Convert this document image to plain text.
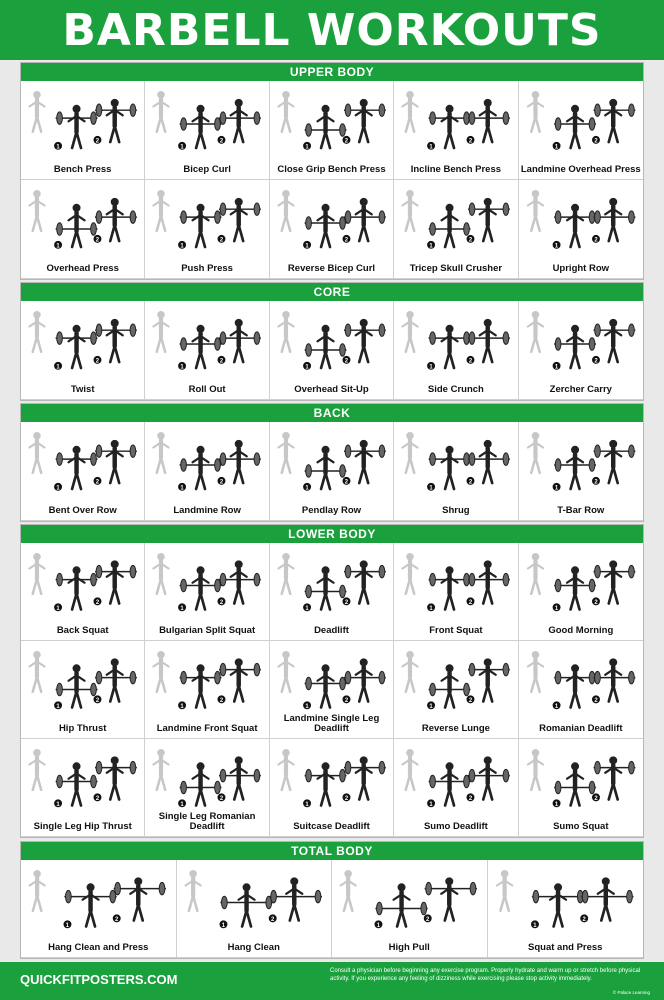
BARBELL WORKOUTS
UPPER BODY
1
2
Bench Press
1
2
Bicep Curl
1
2
Close Grip Bench Press
1
2
Incline Bench Press
1
2
Landmine Overhead Press
1
2
Overhead Press
1
2
Push Press
1
2
Reverse Bicep Curl
1
2
Tricep Skull Crusher
1
2
Upright Row
CORE
1
2
Twist
1
2
Roll Out
1
2
Overhead Sit-Up
1
2
Side Crunch
1
2
Zercher Carry
BACK
1
2
Bent Over Row
1
2
Landmine Row
1
2
Pendlay Row
1
2
Shrug
1
2
T-Bar Row
LOWER BODY
1
2
Back Squat
1
2
Bulgarian Split Squat
1
2
Deadlift
1
2
Front Squat
1
2
Good Morning
1
2
Hip Thrust
1
2
Landmine Front Squat
1
2
Landmine Single Leg Deadlift
1
2
Reverse Lunge
1
2
Romanian Deadlift
1
2
Single Leg Hip Thrust
1
2
Single Leg Romanian Deadlift
1
2
Suitcase Deadlift
1
2
Sumo Deadlift
1
2
Sumo Squat
TOTAL BODY
1
2
Hang Clean and Press
1
2
Hang Clean
1
2
High Pull
1
2
Squat and Press
QUICKFITPOSTERS.COM
Consult a physician before beginning any exercise program. Properly hydrate and warm up or stretch before physical activity. If you experience any feeling of dizziness while exercising please stop activity immediately.
© Palace Learning
